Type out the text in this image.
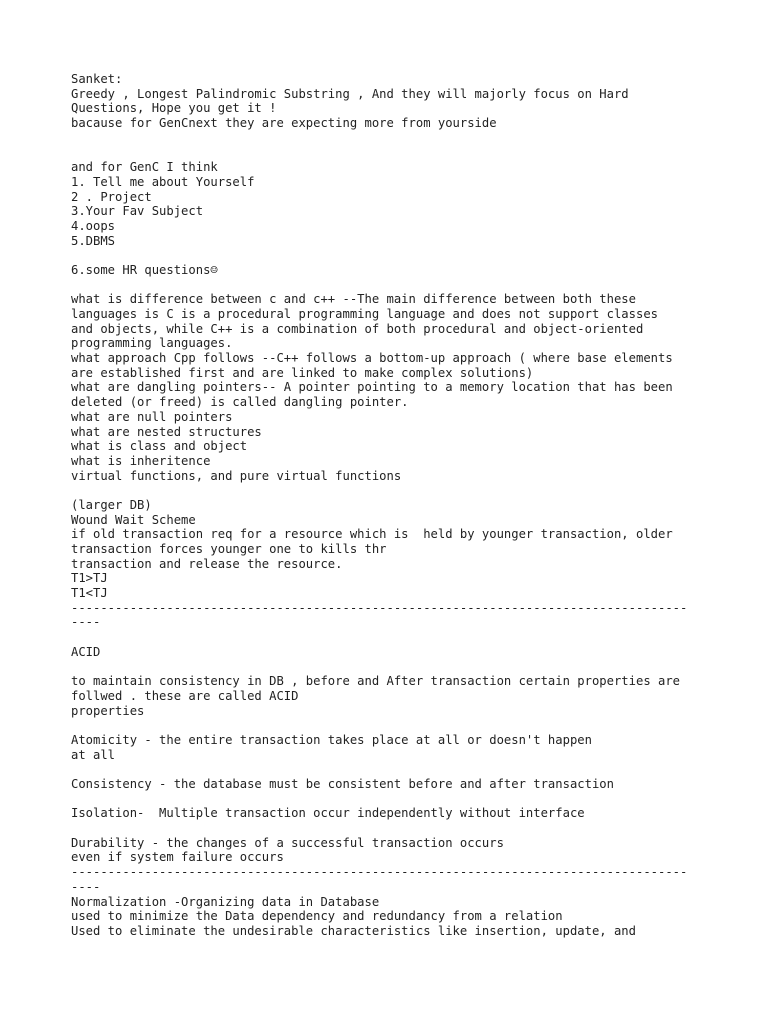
Sanket:
Greedy , Longest Palindromic Substring , And they will majorly focus on Hard
Questions, Hope you get it !
bacause for GenCnext they are expecting more from yourside
and for GenC I think
1. Tell me about Yourself
2 . Project
3.Your Fav Subject
4.oops
5.DBMS
6.some HR questions☺
what is difference between c and c++ --The main difference between both these
languages is C is a procedural programming language and does not support classes
and objects, while C++ is a combination of both procedural and object-oriented
programming languages.
what approach Cpp follows --C++ follows a bottom-up approach ( where base elements
are established first and are linked to make complex solutions)
what are dangling pointers-- A pointer pointing to a memory location that has been
deleted (or freed) is called dangling pointer.
what are null pointers
what are nested structures
what is class and object
what is inheritence
virtual functions, and pure virtual functions
(larger DB)
Wound Wait Scheme
if old transaction req for a resource which is  held by younger transaction, older
transaction forces younger one to kills thr
transaction and release the resource.
T1>TJ
T1<TJ
------------------------------------------------------------------------------------
----
ACID
to maintain consistency in DB , before and After transaction certain properties are
follwed . these are called ACID
properties
Atomicity - the entire transaction takes place at all or doesn't happen
at all
Consistency - the database must be consistent before and after transaction
Isolation-  Multiple transaction occur independently without interface
Durability - the changes of a successful transaction occurs
even if system failure occurs
------------------------------------------------------------------------------------
----
Normalization -Organizing data in Database
used to minimize the Data dependency and redundancy from a relation
Used to eliminate the undesirable characteristics like insertion, update, and
